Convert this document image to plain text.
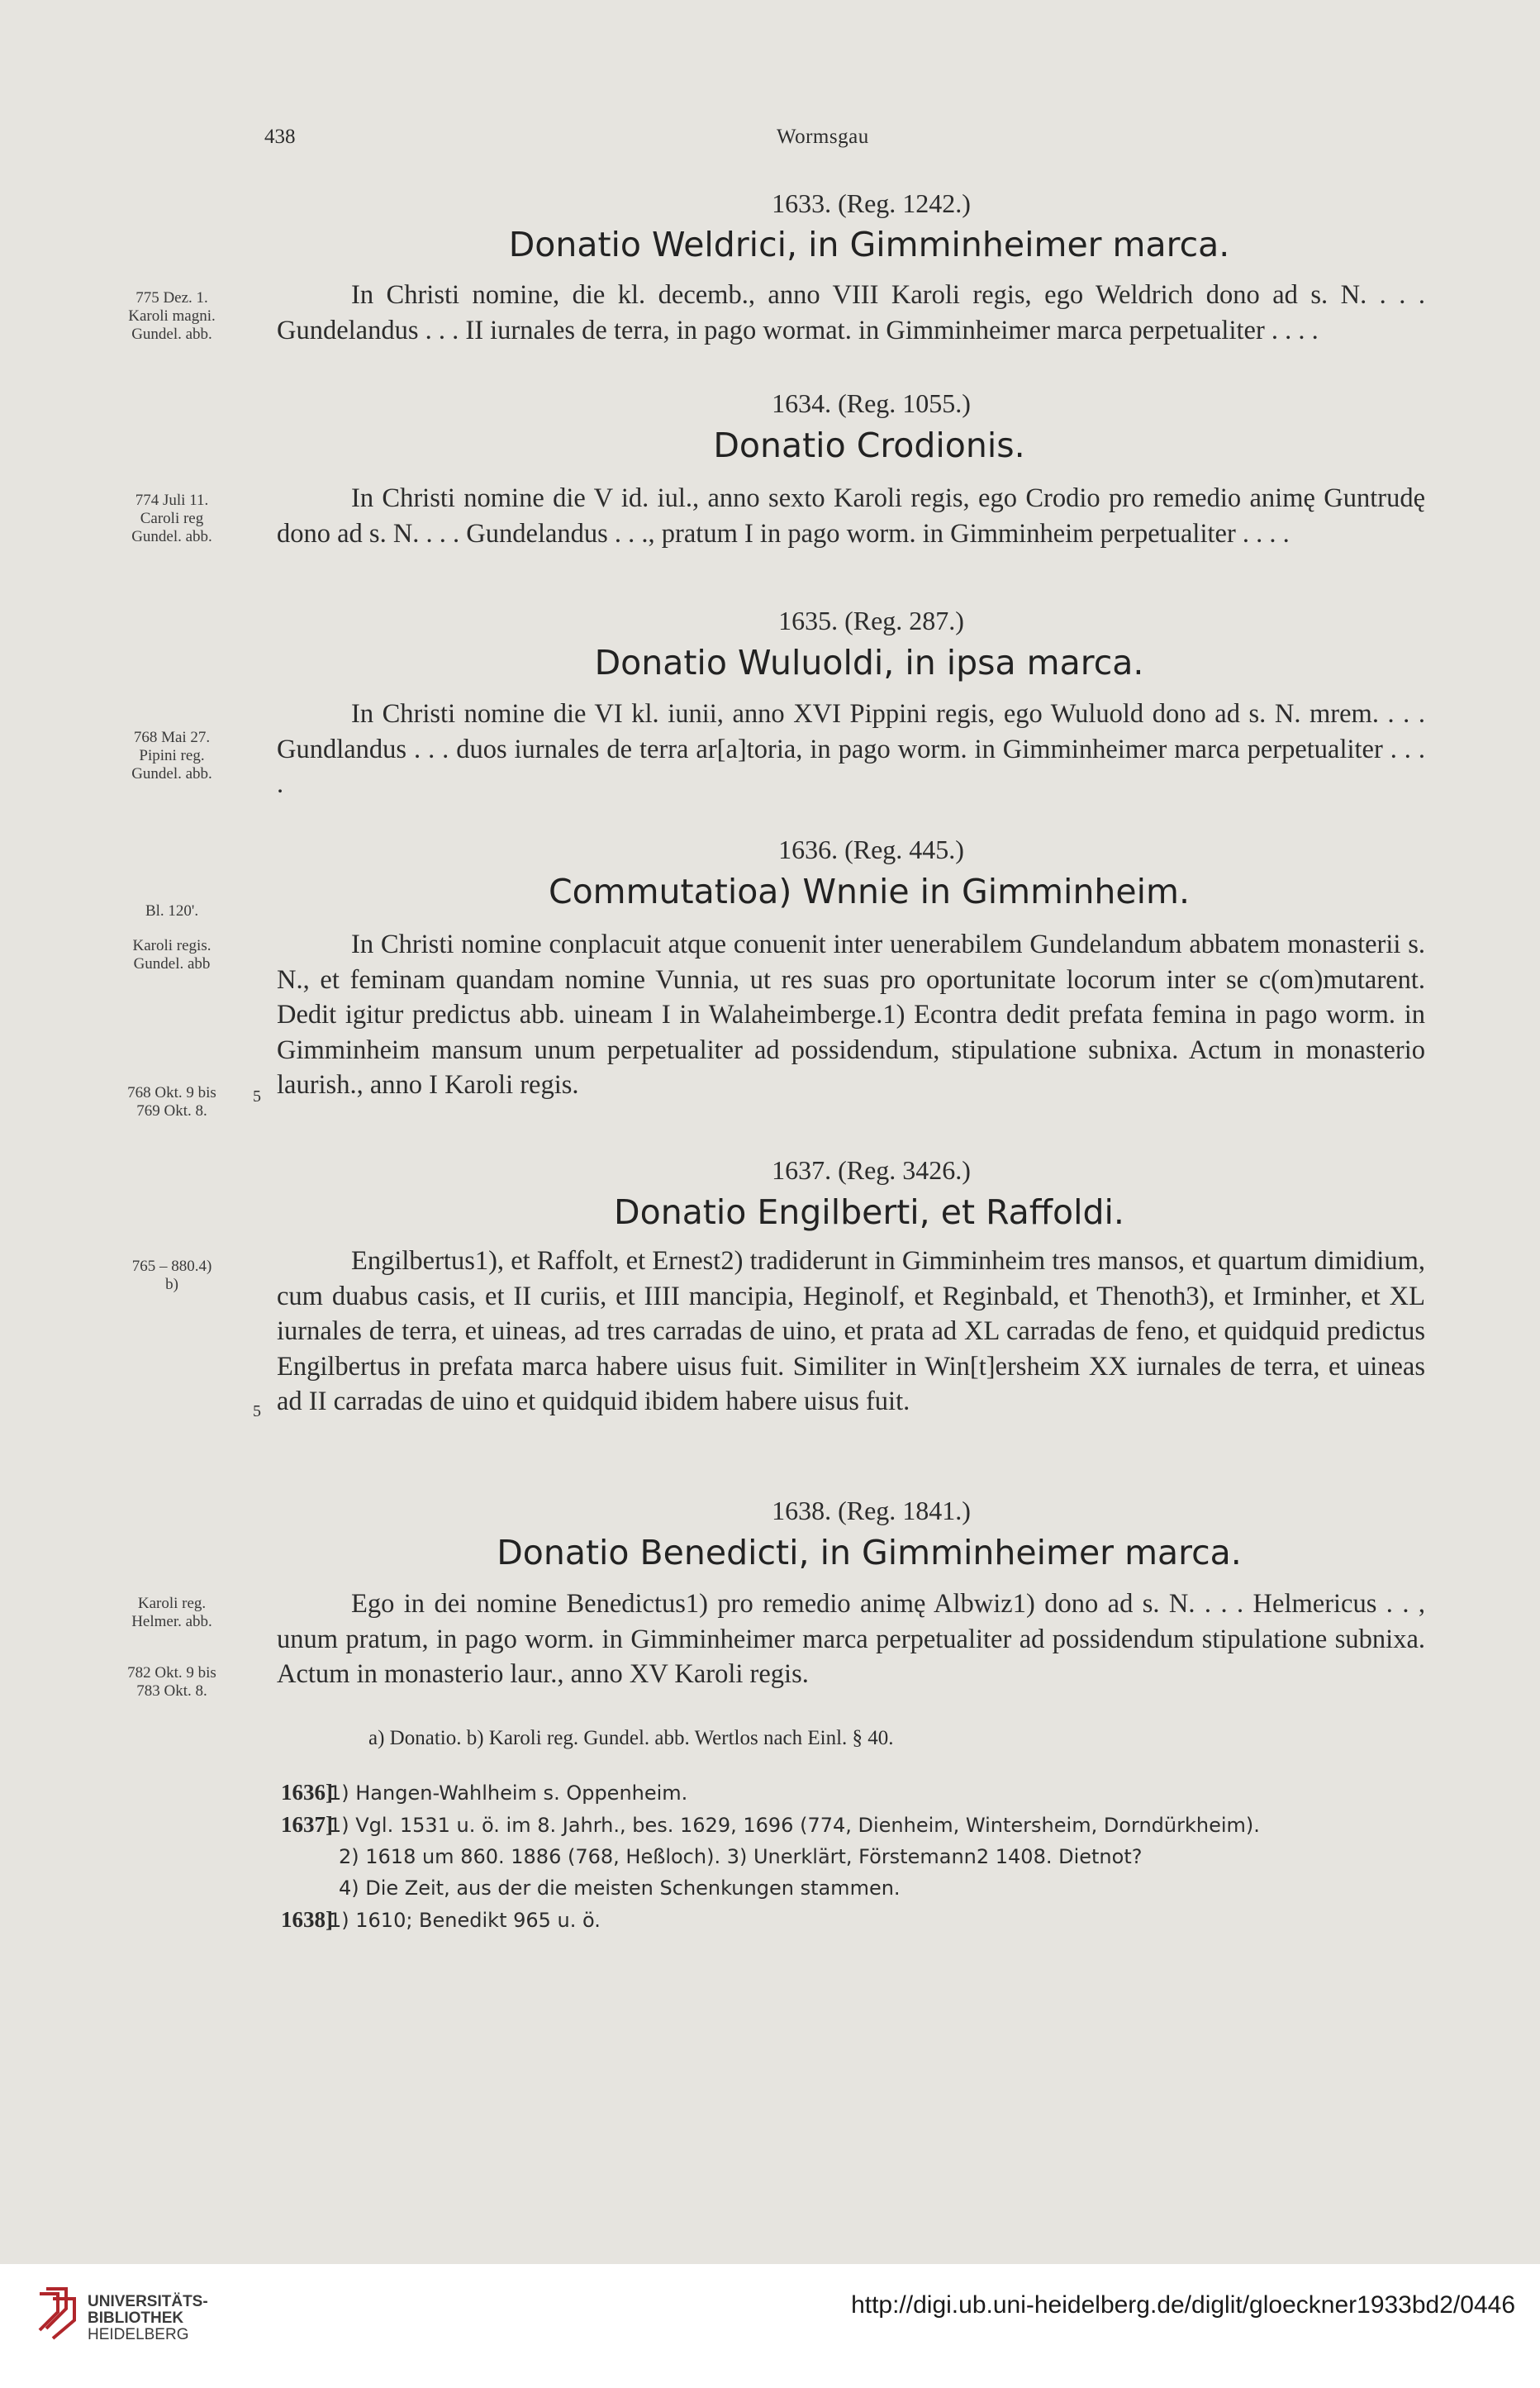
438	Wormsgau
1633. (Reg. 1242.)
Donatio Weldrici, in Gimminheimer marca.
775 Dez. 1.
Karoli magni.
Gundel. abb.

In Christi nomine, die kl. decemb., anno VIII Karoli regis, ego Weldrich dono ad s. N. . . . Gundelandus . . . II iurnales de terra, in pago wormat. in Gimminheimer marca perpetualiter . . . .

1634. (Reg. 1055.)
Donatio Crodionis.
774 Juli 11.
Caroli reg
Gundel. abb.

In Christi nomine die V id. iul., anno sexto Karoli regis, ego Crodio pro remedio animę Guntrudę dono ad s. N. . . . Gundelandus . . ., pratum I in pago worm. in Gimminheim perpetualiter . . . .

1635. (Reg. 287.)
Donatio Wuluoldi, in ipsa marca.
768 Mai 27.
Pipini reg.
Gundel. abb.

In Christi nomine die VI kl. iunii, anno XVI Pippini regis, ego Wuluold dono ad s. N. mrem. . . . Gundlandus . . . duos iurnales de terra ar[a]toria, in pago worm. in Gimminheimer marca perpetualiter . . . .

1636. (Reg. 445.)
Commutatioa) Wnnie in Gimminheim.
Bl. 120'.
Karoli regis.
Gundel. abb
768 Okt. 9 bis
769 Okt. 8.
5

In Christi nomine conplacuit atque conuenit inter uenerabilem Gundelandum abbatem monasterii s. N., et feminam quandam nomine Vunnia, ut res suas pro oportunitate locorum inter se c(om)mutarent. Dedit igitur predictus abb. uineam I in Walaheimberge.1) Econtra dedit prefata femina in pago worm. in Gimminheim mansum unum perpetualiter ad possidendum, stipulatione subnixa. Actum in monasterio laurish., anno I Karoli regis.

1637. (Reg. 3426.)
Donatio Engilberti, et Raffoldi.
765 – 880.4)
b)
5

Engilbertus1), et Raffolt, et Ernest2) tradiderunt in Gimminheim tres mansos, et quartum dimidium, cum duabus casis, et II curiis, et IIII mancipia, Heginolf, et Reginbald, et Thenoth3), et Irminher, et XL iurnales de terra, et uineas, ad tres carradas de uino, et prata ad XL carradas de feno, et quidquid predictus Engilbertus in prefata marca habere uisus fuit. Similiter in Win[t]ersheim XX iurnales de terra, et uineas ad II carradas de uino et quidquid ibidem habere uisus fuit.

1638. (Reg. 1841.)
Donatio Benedicti, in Gimminheimer marca.
Karoli reg.
Helmer. abb.
782 Okt. 9 bis
783 Okt. 8.

Ego in dei nomine Benedictus1) pro remedio animę Albwiz1) dono ad s. N. . . . Helmericus . . , unum pratum, in pago worm. in Gimminheimer marca perpetualiter ad possidendum stipulatione subnixa. Actum in monasterio laur., anno XV Karoli regis.

a) Donatio. b) Karoli reg. Gundel. abb. Wertlos nach Einl. § 40.
1636]1) Hangen-Wahlheim s. Oppenheim.
1637]1) Vgl. 1531 u. ö. im 8. Jahrh., bes. 1629, 1696 (774, Dienheim, Wintersheim, Dorndürkheim).
2) 1618 um 860. 1886 (768, Heßloch). 3) Unerklärt, Förstemann2 1408. Dietnot?
4) Die Zeit, aus der die meisten Schenkungen stammen.
1638]1) 1610; Benedikt 965 u. ö.
UNIVERSITÄTS-
BIBLIOTHEK
HEIDELBERG
http://digi.ub.uni-heidelberg.de/diglit/gloeckner1933bd2/0446
